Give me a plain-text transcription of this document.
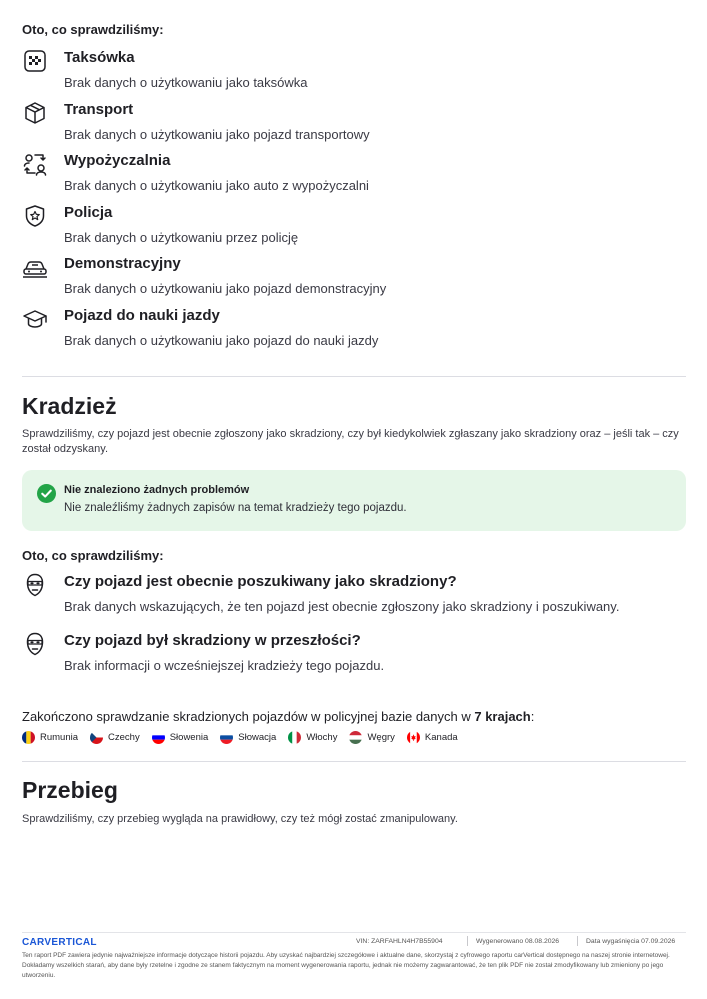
Oto, co sprawdziliśmy:
Taksówka
Brak danych o użytkowaniu jako taksówka
Transport
Brak danych o użytkowaniu jako pojazd transportowy
Wypożyczalnia
Brak danych o użytkowaniu jako auto z wypożyczalni
Policja
Brak danych o użytkowaniu przez policję
Demonstracyjny
Brak danych o użytkowaniu jako pojazd demonstracyjny
Pojazd do nauki jazdy
Brak danych o użytkowaniu jako pojazd do nauki jazdy
Kradzież
Sprawdziliśmy, czy pojazd jest obecnie zgłoszony jako skradziony, czy był kiedykolwiek zgłaszany jako skradziony oraz – jeśli tak – czy został odzyskany.
Nie znaleziono żadnych problemów
Nie znaleźliśmy żadnych zapisów na temat kradzieży tego pojazdu.
Oto, co sprawdziliśmy:
Czy pojazd jest obecnie poszukiwany jako skradziony?
Brak danych wskazujących, że ten pojazd jest obecnie zgłoszony jako skradziony i poszukiwany.
Czy pojazd był skradziony w przeszłości?
Brak informacji o wcześniejszej kradzieży tego pojazdu.
Zakończono sprawdzanie skradzionych pojazdów w policyjnej bazie danych w 7 krajach:
Rumunia	Czechy	Słowenia	Słowacja	Włochy	Węgry	Kanada
Przebieg
Sprawdziliśmy, czy przebieg wygląda na prawidłowy, czy też mógł zostać zmanipulowany.
CARVERTICAL	VIN: ZARFAHLN4H7B55904	Wygenerowano 08.08.2026	Data wygaśnięcia 07.09.2026
Ten raport PDF zawiera jedynie najważniejsze informacje dotyczące historii pojazdu. Aby uzyskać najbardziej szczegółowe i aktualne dane, skorzystaj z cyfrowego raportu carVertical dostępnego na naszej stronie internetowej. Dokładamy wszelkich starań, aby dane były rzetelne i zgodne ze stanem faktycznym na moment wygenerowania raportu, jednak nie możemy zagwarantować, że ten plik PDF nie został zmodyfikowany lub zmieniony po jego utworzeniu.
